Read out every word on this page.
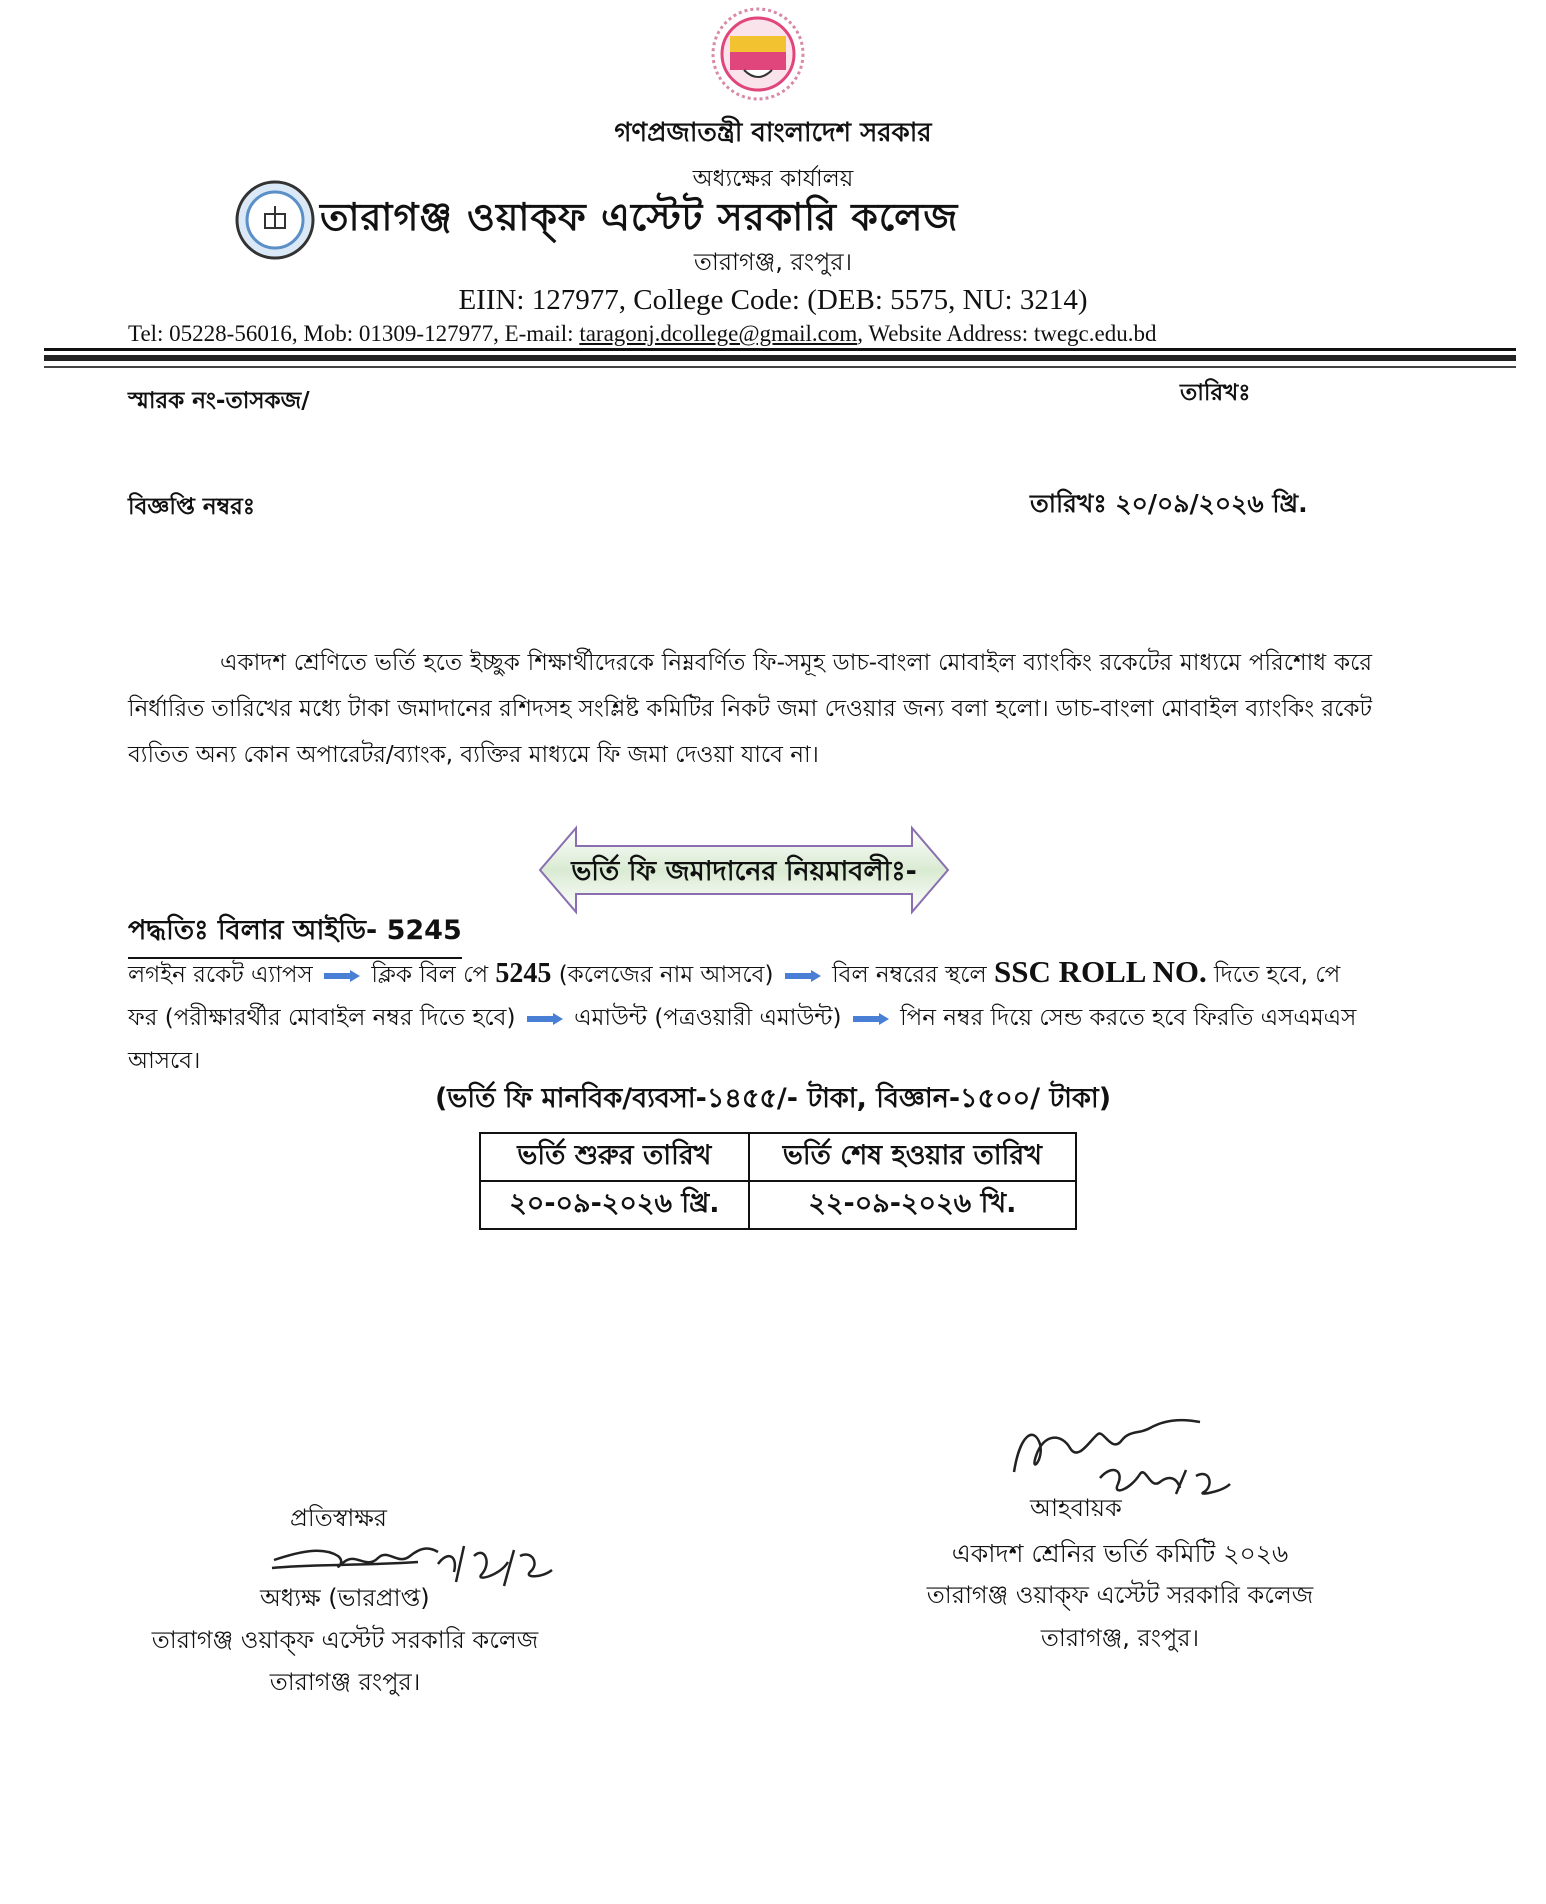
গণপ্রজাতন্ত্রী বাংলাদেশ সরকার
অধ্যক্ষের কার্যালয়
তারাগঞ্জ ওয়াক্ফ এস্টেট সরকারি কলেজ
তারাগঞ্জ, রংপুর।
EIIN: 127977, College Code: (DEB: 5575, NU: 3214)
Tel: 05228-56016, Mob: 01309-127977, E-mail: taragonj.dcollege@gmail.com, Website Address: twegc.edu.bd
স্মারক নং-তাসকজ/	তারিখঃ
বিজ্ঞপ্তি নম্বরঃ	তারিখঃ ২০/০৯/২০২৬ খ্রি.
একাদশ শ্রেণিতে ভর্তি হতে ইচ্ছুক শিক্ষার্থীদেরকে নিম্নবর্ণিত ফি-সমূহ ডাচ-বাংলা মোবাইল ব্যাংকিং রকেটের মাধ্যমে পরিশোধ করে নির্ধারিত তারিখের মধ্যে টাকা জমাদানের রশিদসহ সংশ্লিষ্ট কমিটির নিকট জমা দেওয়ার জন্য বলা হলো। ডাচ-বাংলা মোবাইল ব্যাংকিং রকেট ব্যতিত অন্য কোন অপারেটর/ব্যাংক, ব্যক্তির মাধ্যমে ফি জমা দেওয়া যাবে না।
ভর্তি ফি জমাদানের নিয়মাবলীঃ-
পদ্ধতিঃ বিলার আইডি- 5245
লগইন রকেট এ্যাপস	ক্লিক বিল পে 5245 (কলেজের নাম আসবে)	বিল নম্বরের স্থলে SSC ROLL NO. দিতে হবে, পে ফর (পরীক্ষারর্থীর মোবাইল নম্বর দিতে হবে)	এমাউন্ট (পত্রওয়ারী এমাউন্ট)	পিন নম্বর দিয়ে সেন্ড করতে হবে ফিরতি এসএমএস আসবে।
(ভর্তি ফি মানবিক/ব্যবসা-১৪৫৫/- টাকা, বিজ্ঞান-১৫০০/ টাকা)
ভর্তি শুরুর তারিখ	ভর্তি শেষ হওয়ার তারিখ
২০-০৯-২০২৬ খ্রি.	২২-০৯-২০২৬ খি.
আহবায়ক
একাদশ শ্রেনির ভর্তি কমিটি ২০২৬
তারাগঞ্জ ওয়াক্ফ এস্টেট সরকারি কলেজ
তারাগঞ্জ, রংপুর।
প্রতিস্বাক্ষর
অধ্যক্ষ (ভারপ্রাপ্ত)
তারাগঞ্জ ওয়াক্ফ এস্টেট সরকারি কলেজ
তারাগঞ্জ রংপুর।
